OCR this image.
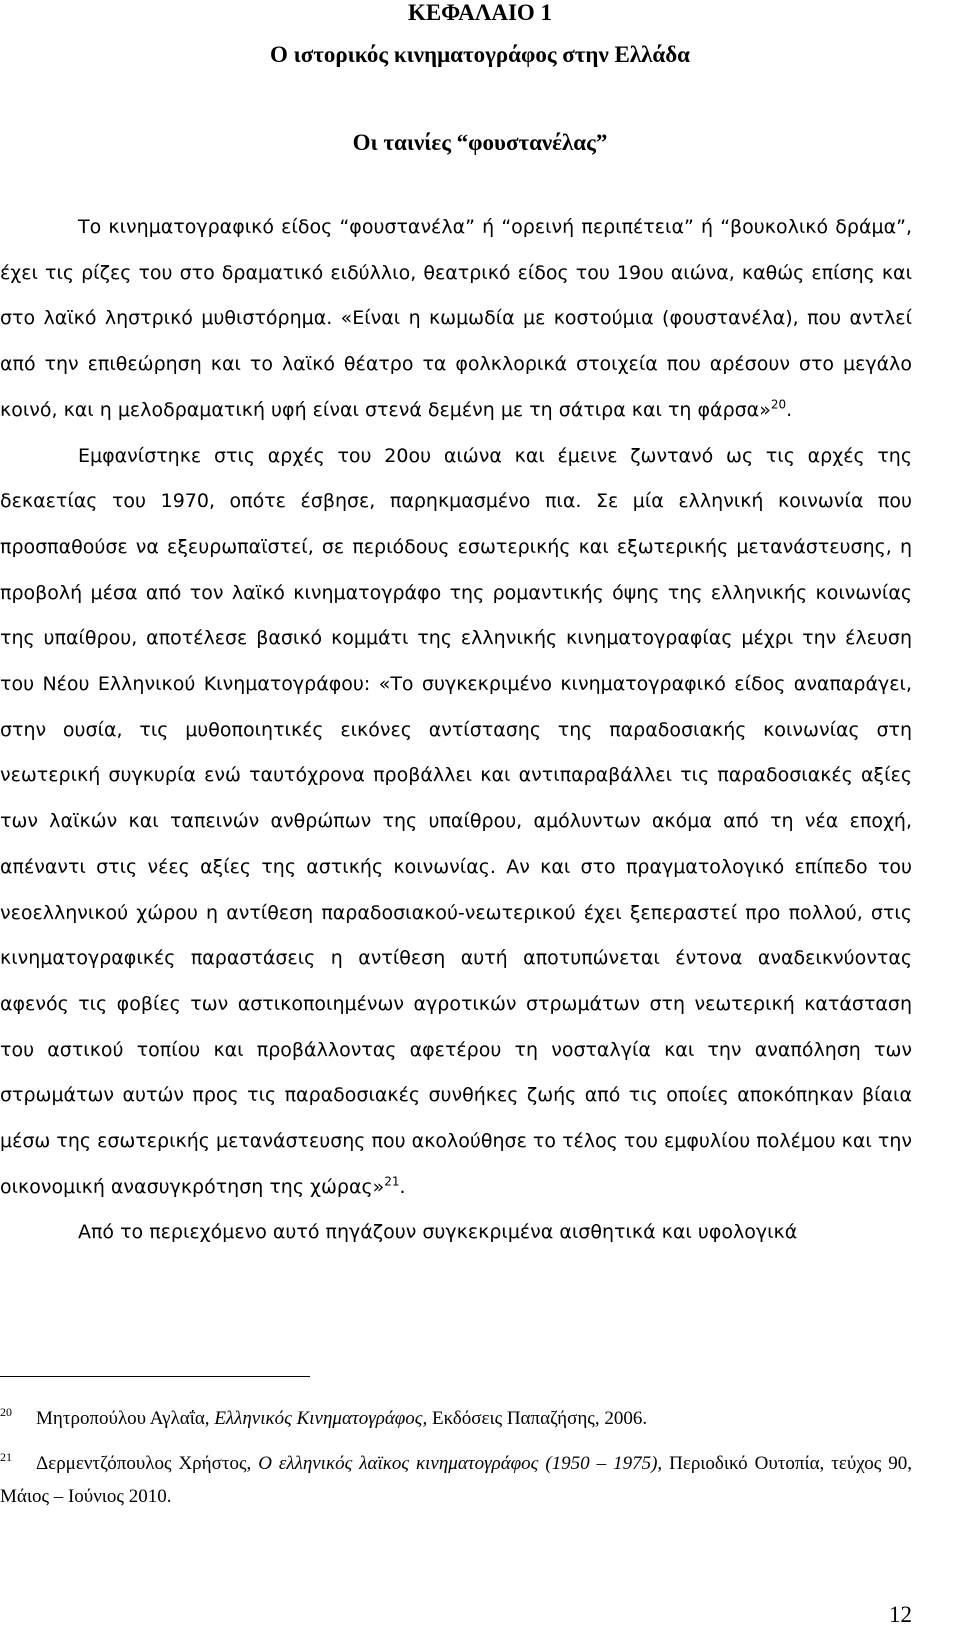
ΚΕΦΑΛΑΙΟ 1
Ο ιστορικός κινηματογράφος στην Ελλάδα
Οι ταινίες “φουστανέλας”

Το κινηματογραφικό είδος “φουστανέλα” ή “ορεινή περιπέτεια” ή “βουκολικό δράμα”, έχει τις ρίζες του στο δραματικό ειδύλλιο, θεατρικό είδος του 19ου αιώνα, καθώς επίσης και στο λαϊκό ληστρικό μυθιστόρημα. «Είναι η κωμωδία με κοστούμια (φουστανέλα), που αντλεί από την επιθεώρηση και το λαϊκό θέατρο τα φολκλορικά στοιχεία που αρέσουν στο μεγάλο κοινό, και η μελοδραματική υφή είναι στενά δεμένη με τη σάτιρα και τη φάρσα»$^{20}$.

Εμφανίστηκε στις αρχές του 20ου αιώνα και έμεινε ζωντανό ως τις αρχές της δεκαετίας του 1970, οπότε έσβησε, παρηκμασμένο πια. Σε μία ελληνική κοινωνία που προσπαθούσε να εξευρωπαϊστεί, σε περιόδους εσωτερικής και εξωτερικής μετανάστευσης, η προβολή μέσα από τον λαϊκό κινηματογράφο της ρομαντικής όψης της ελληνικής κοινωνίας της υπαίθρου, αποτέλεσε βασικό κομμάτι της ελληνικής κινηματογραφίας μέχρι την έλευση του Νέου Ελληνικού Κινηματογράφου: «Το συγκεκριμένο κινηματογραφικό είδος αναπαράγει, στην ουσία, τις μυθοποιητικές εικόνες αντίστασης της παραδοσιακής κοινωνίας στη νεωτερική συγκυρία ενώ ταυτόχρονα προβάλλει και αντιπαραβάλλει τις παραδοσιακές αξίες των λαϊκών και ταπεινών ανθρώπων της υπαίθρου, αμόλυντων ακόμα από τη νέα εποχή, απέναντι στις νέες αξίες της αστικής κοινωνίας. Αν και στο πραγματολογικό επίπεδο του νεοελληνικού χώρου η αντίθεση παραδοσιακού-νεωτερικού έχει ξεπεραστεί προ πολλού, στις κινηματογραφικές παραστάσεις η αντίθεση αυτή αποτυπώνεται έντονα αναδεικνύοντας αφενός τις φοβίες των αστικοποιημένων αγροτικών στρωμάτων στη νεωτερική κατάσταση του αστικού τοπίου και προβάλλοντας αφετέρου τη νοσταλγία και την αναπόληση των στρωμάτων αυτών προς τις παραδοσιακές συνθήκες ζωής από τις οποίες αποκόπηκαν βίαια μέσω της εσωτερικής μετανάστευσης που ακολούθησε το τέλος του εμφυλίου πολέμου και την οικονομική ανασυγκρότηση της χώρας»$^{21}$.

Από το περιεχόμενο αυτό πηγάζουν συγκεκριμένα αισθητικά και υφολογικά

20 Μητροπούλου Αγλαΐα, Ελληνικός Κινηματογράφος, Εκδόσεις Παπαζήσης, 2006.

21 Δερμεντζόπουλος Χρήστος, Ο ελληνικός λαϊκος κινηματογράφος (1950 – 1975), Περιοδικό Ουτοπία, τεύχος 90, Μάιος – Ιούνιος 2010.

12
